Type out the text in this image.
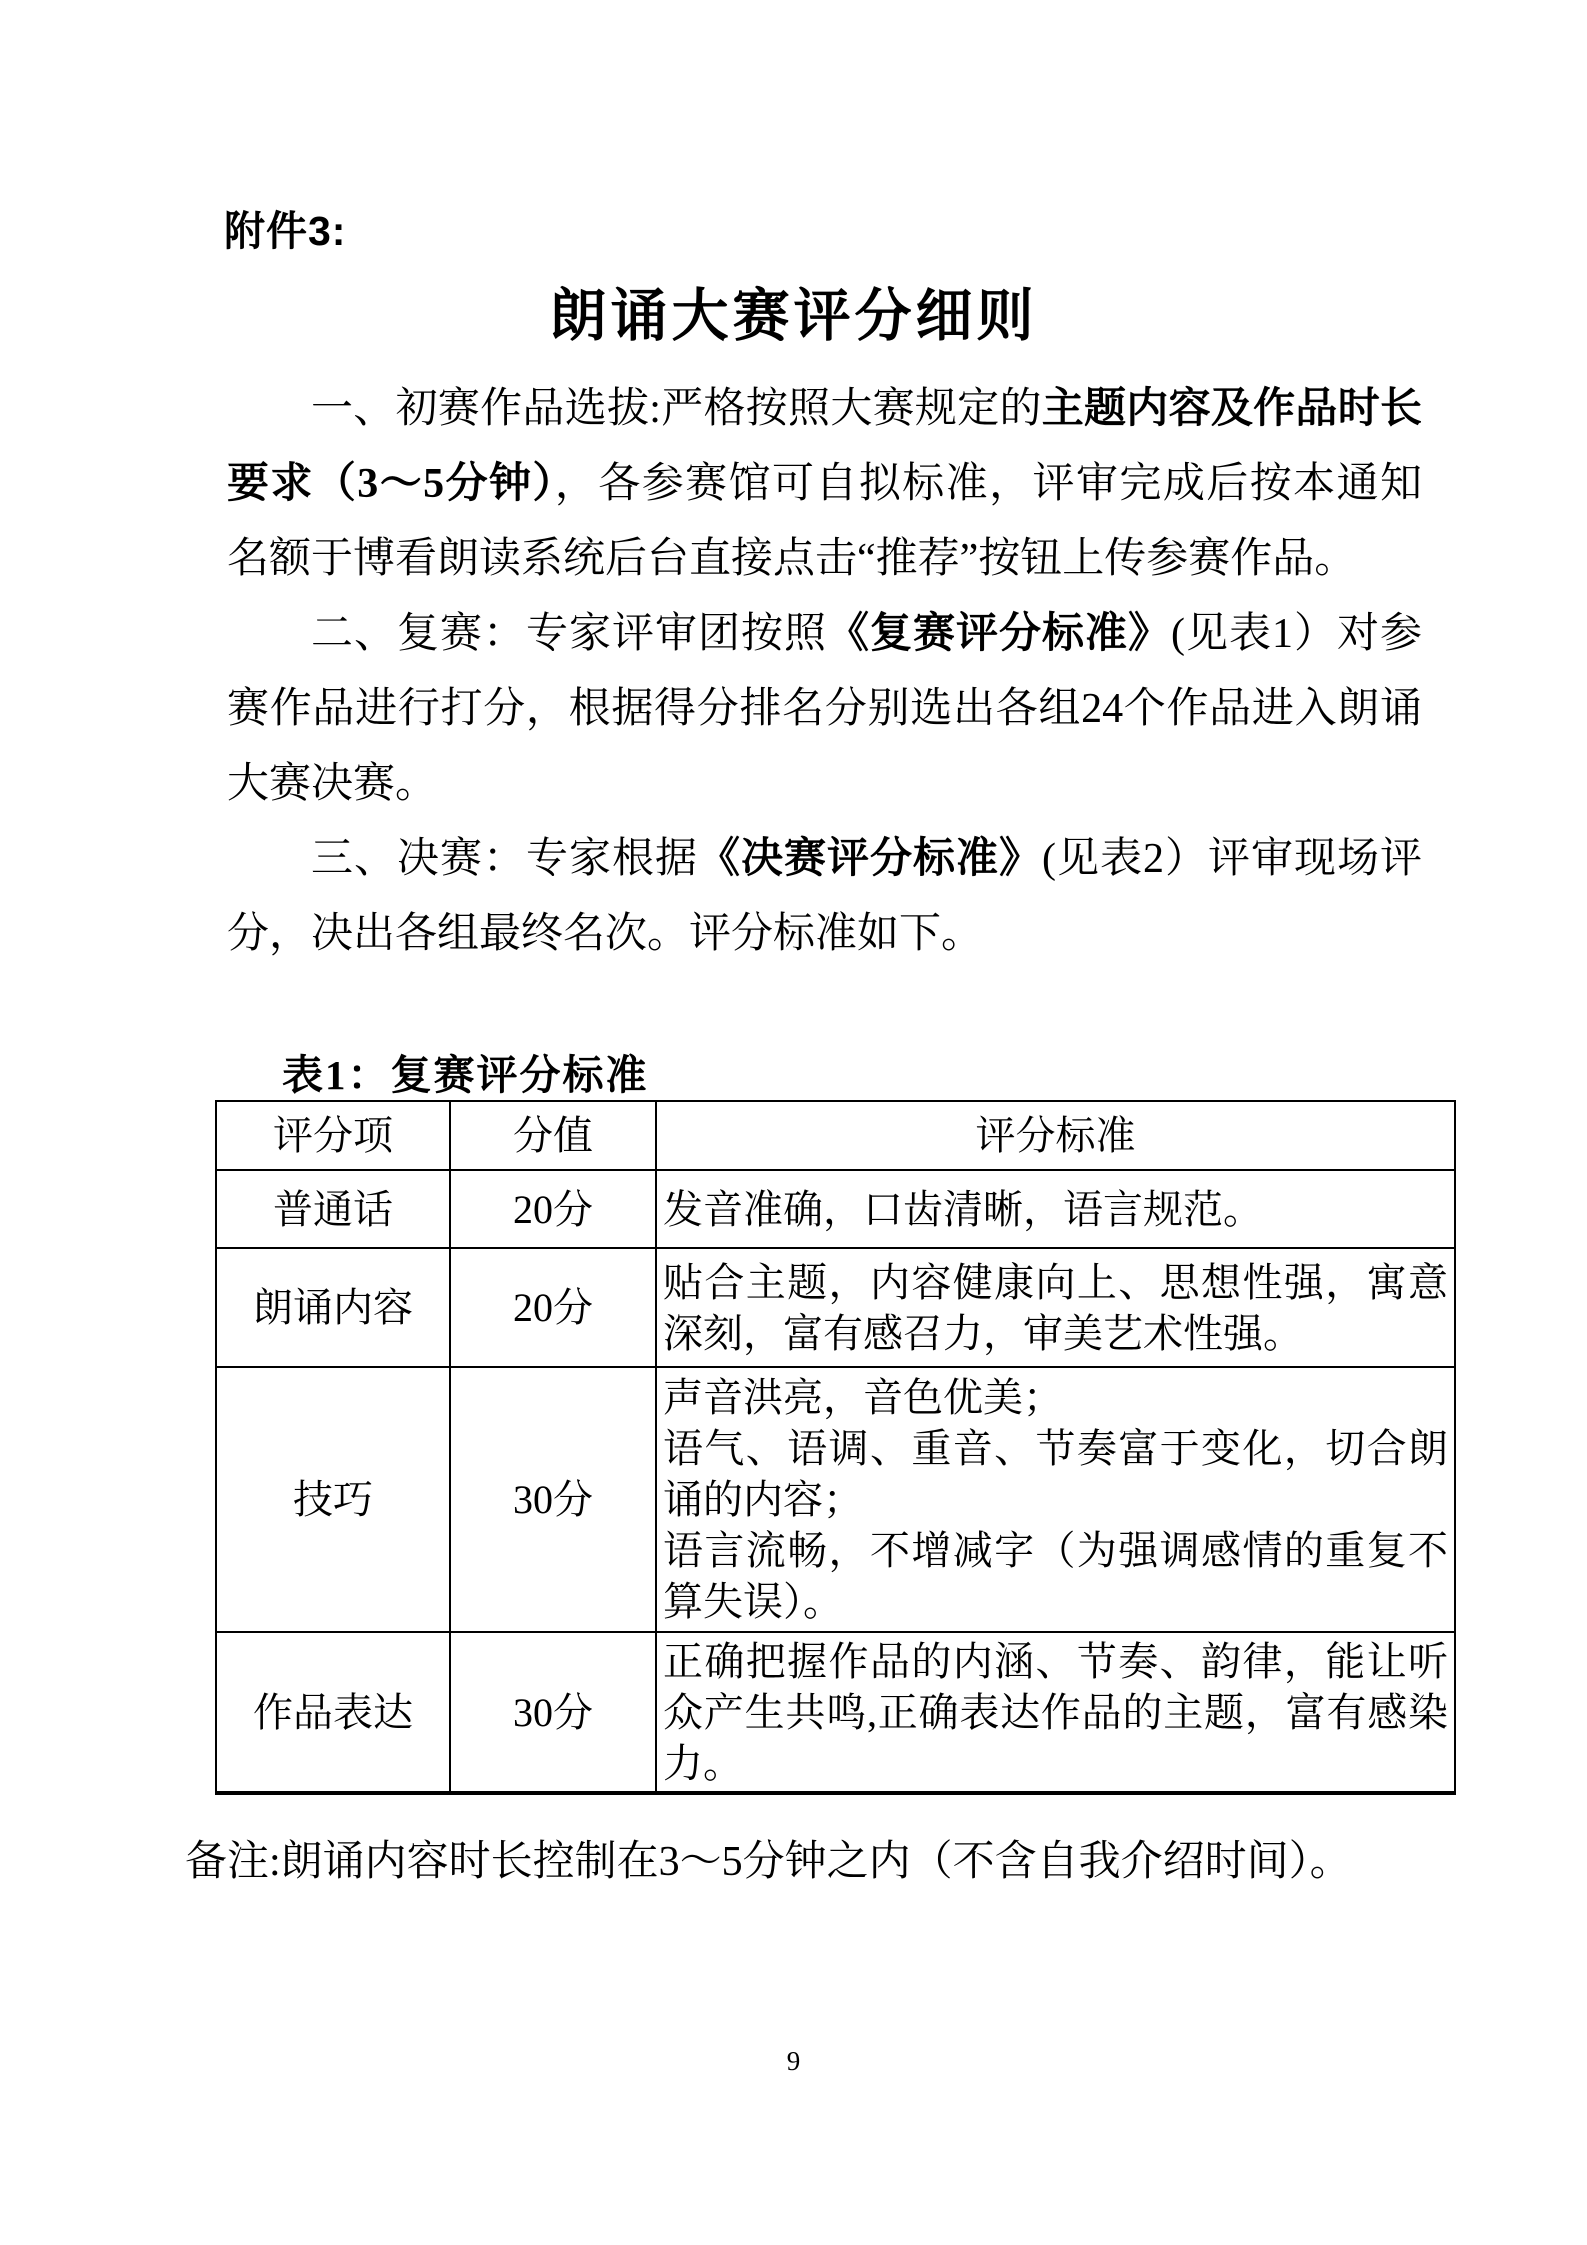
附件3:
朗诵大赛评分细则

一、初赛作品选拔:严格按照大赛规定的主题内容及作品时长要求（3～5分钟），各参赛馆可自拟标准，评审完成后按本通知名额于博看朗读系统后台直接点击“推荐”按钮上传参赛作品。

二、复赛：专家评审团按照《复赛评分标准》(见表1）对参赛作品进行打分，根据得分排名分别选出各组24个作品进入朗诵大赛决赛。

三、决赛：专家根据《决赛评分标准》(见表2）评审现场评分，决出各组最终名次。评分标准如下。

表1：复赛评分标准
评分项	分值	评分标准
普通话	20分	发音准确，口齿清晰，语言规范。

朗诵内容	20分	贴合主题，内容健康向上、思想性强，寓意深刻，富有感召力，审美艺术性强。

技巧	30分	声音洪亮，音色优美；
语气、语调、重音、节奏富于变化，切合朗诵的内容；
语言流畅，不增减字（为强调感情的重复不算失误）。

作品表达	30分	正确把握作品的内涵、节奏、韵律，能让听众产生共鸣,正确表达作品的主题，富有感染力。
备注:朗诵内容时长控制在3～5分钟之内（不含自我介绍时间）。
9
